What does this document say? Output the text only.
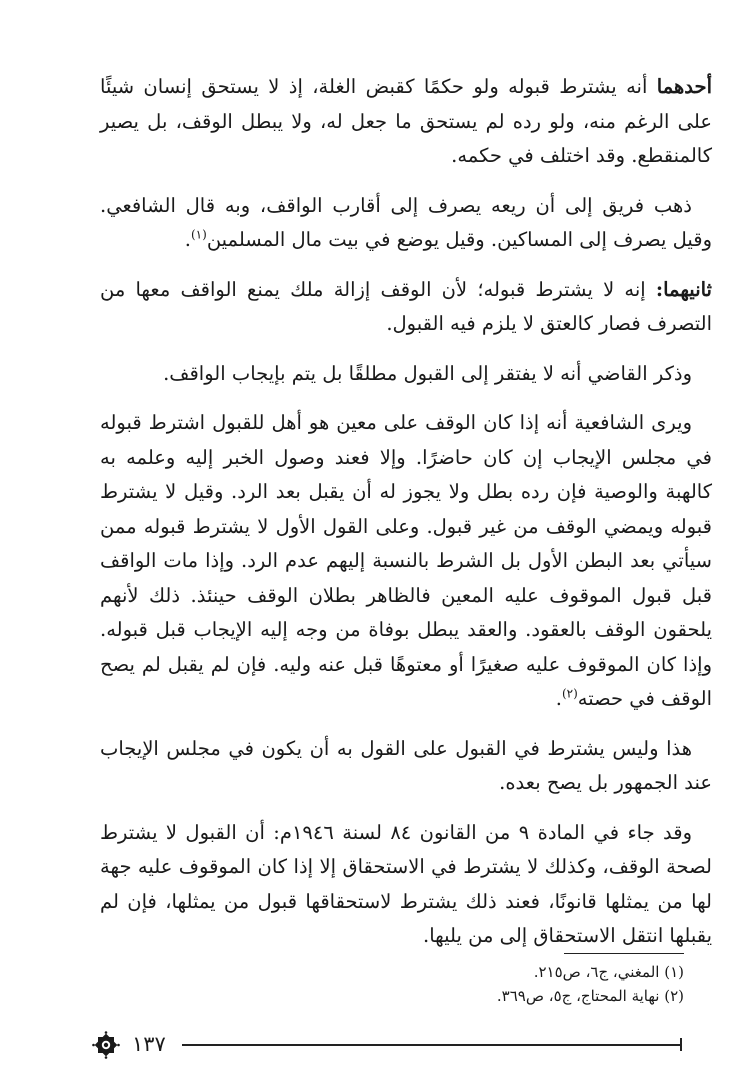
أحدهما أنه يشترط قبوله ولو حكمًا كقبض الغلة، إذ لا يستحق إنسان شيئًا على الرغم منه، ولو رده لم يستحق ما جعل له، ولا يبطل الوقف، بل يصير كالمنقطع. وقد اختلف في حكمه.

ذهب فريق إلى أن ريعه يصرف إلى أقارب الواقف، وبه قال الشافعي. وقيل يصرف إلى المساكين. وقيل يوضع في بيت مال المسلمين$^{(١)}$.

ثانيهما: إنه لا يشترط قبوله؛ لأن الوقف إزالة ملك يمنع الواقف معها من التصرف فصار كالعتق لا يلزم فيه القبول.

وذكر القاضي أنه لا يفتقر إلى القبول مطلقًا بل يتم بإيجاب الواقف.

ويرى الشافعية أنه إذا كان الوقف على معين هو أهل للقبول اشترط قبوله في مجلس الإيجاب إن كان حاضرًا. وإلا فعند وصول الخبر إليه وعلمه به كالهبة والوصية فإن رده بطل ولا يجوز له أن يقبل بعد الرد. وقيل لا يشترط قبوله ويمضي الوقف من غير قبول. وعلى القول الأول لا يشترط قبوله ممن سيأتي بعد البطن الأول بل الشرط بالنسبة إليهم عدم الرد. وإذا مات الواقف قبل قبول الموقوف عليه المعين فالظاهر بطلان الوقف حينئذ. ذلك لأنهم يلحقون الوقف بالعقود. والعقد يبطل بوفاة من وجه إليه الإيجاب قبل قبوله. وإذا كان الموقوف عليه صغيرًا أو معتوهًا قبل عنه وليه. فإن لم يقبل لم يصح الوقف في حصته$^{(٢)}$.

هذا وليس يشترط في القبول على القول به أن يكون في مجلس الإيجاب عند الجمهور بل يصح بعده.

وقد جاء في المادة ٩ من القانون ٨٤ لسنة ١٩٤٦م: أن القبول لا يشترط لصحة الوقف، وكذلك لا يشترط في الاستحقاق إلا إذا كان الموقوف عليه جهة لها من يمثلها قانونًا، فعند ذلك يشترط لاستحقاقها قبول من يمثلها، فإن لم يقبلها انتقل الاستحقاق إلى من يليها.

(١) المغني، ج٦، ص٢١٥.

(٢) نهاية المحتاج، ج٥، ص٣٦٩.

١٣٧
